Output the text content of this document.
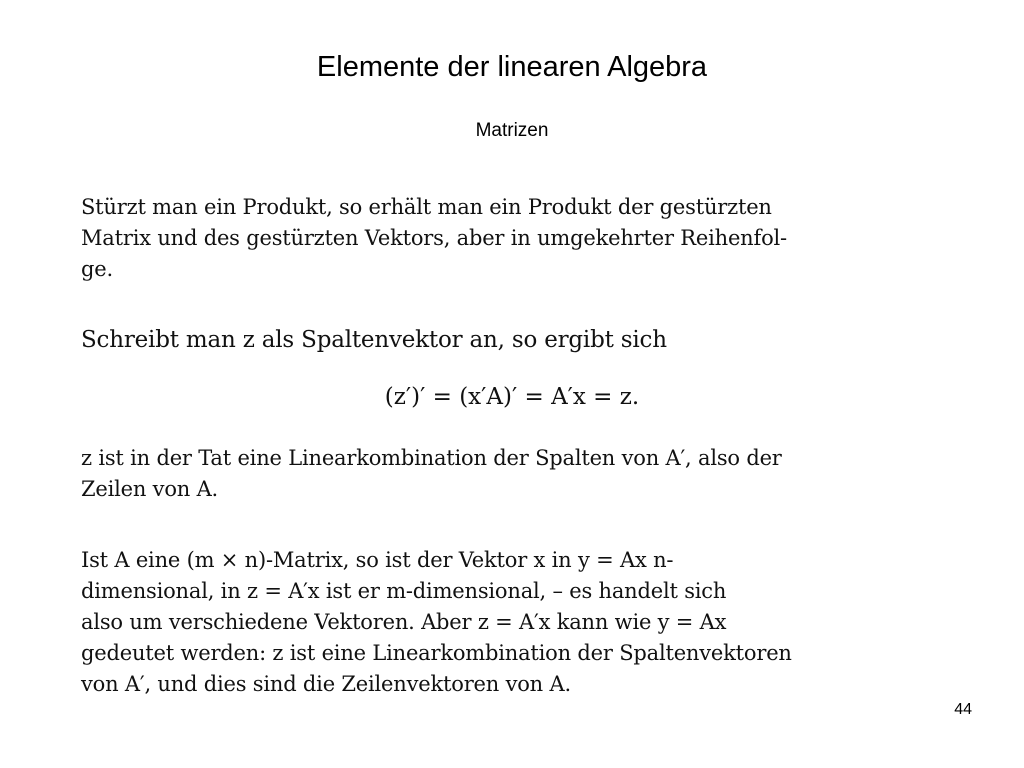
Elemente der linearen Algebra
Matrizen
Stürzt man ein Produkt, so erhält man ein Produkt der gestürzten
Matrix und des gestürzten Vektors, aber in umgekehrter Reihenfol-
ge.
Schreibt man z als Spaltenvektor an, so ergibt sich
(z′)′ = (x′A)′ = A′x = z.
z ist in der Tat eine Linearkombination der Spalten von A′, also der
Zeilen von A.
Ist A eine (m × n)-Matrix, so ist der Vektor x in y = Ax n-
dimensional, in z = A′x ist er m-dimensional, – es handelt sich
also um verschiedene Vektoren. Aber z = A′x kann wie y = Ax
gedeutet werden: z ist eine Linearkombination der Spaltenvektoren
von A′, und dies sind die Zeilenvektoren von A.
44
